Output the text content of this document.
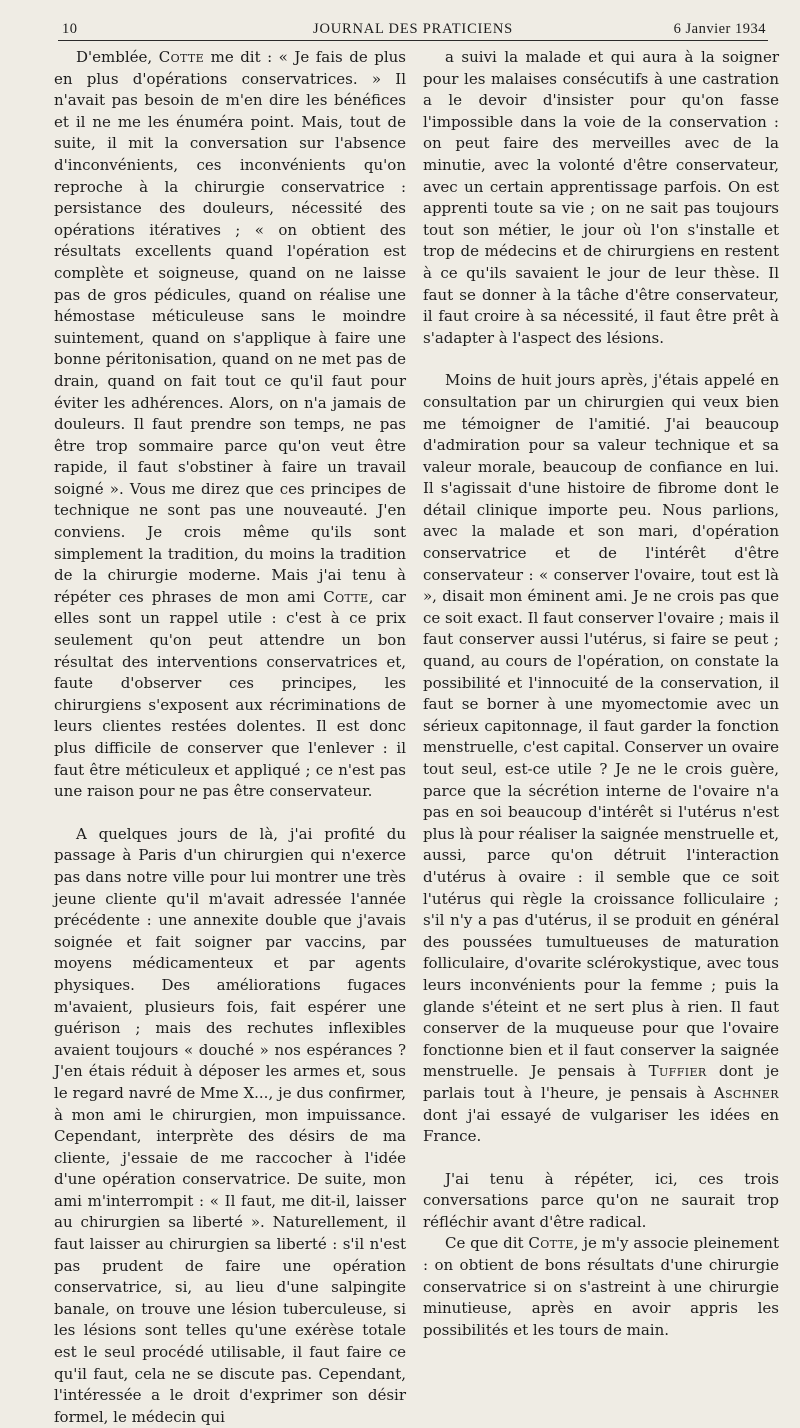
10	JOURNAL DES PRATICIENS	6 Janvier 1934

D'emblée, Cotte me dit : « Je fais de plus en plus d'opérations conservatrices. » Il n'avait pas besoin de m'en dire les bénéfices et il ne me les énuméra point. Mais, tout de suite, il mit la conversation sur l'absence d'inconvénients, ces inconvénients qu'on reproche à la chirurgie conservatrice : persistance des douleurs, nécessité des opérations itératives ; « on obtient des résultats excellents quand l'opération est complète et soigneuse, quand on ne laisse pas de gros pédicules, quand on réalise une hémostase méticuleuse sans le moindre suintement, quand on s'applique à faire une bonne péritonisation, quand on ne met pas de drain, quand on fait tout ce qu'il faut pour éviter les adhérences. Alors, on n'a jamais de douleurs. Il faut prendre son temps, ne pas être trop sommaire parce qu'on veut être rapide, il faut s'obstiner à faire un travail soigné ». Vous me direz que ces principes de technique ne sont pas une nouveauté. J'en conviens. Je crois même qu'ils sont simplement la tradition, du moins la tradition de la chirurgie moderne. Mais j'ai tenu à répéter ces phrases de mon ami Cotte, car elles sont un rappel utile : c'est à ce prix seulement qu'on peut attendre un bon résultat des interventions conservatrices et, faute d'observer ces principes, les chirurgiens s'exposent aux récriminations de leurs clientes restées dolentes. Il est donc plus difficile de conserver que l'enlever : il faut être méticuleux et appliqué ; ce n'est pas une raison pour ne pas être conservateur.

A quelques jours de là, j'ai profité du passage à Paris d'un chirurgien qui n'exerce pas dans notre ville pour lui montrer une très jeune cliente qu'il m'avait adressée l'année précédente : une annexite double que j'avais soignée et fait soigner par vaccins, par moyens médicamenteux et par agents physiques. Des améliorations fugaces m'avaient, plusieurs fois, fait espérer une guérison ; mais des rechutes inflexibles avaient toujours « douché » nos espérances ? J'en étais réduit à déposer les armes et, sous le regard navré de Mme X..., je dus confirmer, à mon ami le chirurgien, mon impuissance. Cependant, interprète des désirs de ma cliente, j'essaie de me raccocher à l'idée d'une opération conservatrice. De suite, mon ami m'interrompit : « Il faut, me dit-il, laisser au chirurgien sa liberté ». Naturellement, il faut laisser au chirurgien sa liberté : s'il n'est pas prudent de faire une opération conservatrice, si, au lieu d'une salpingite banale, on trouve une lésion tuberculeuse, si les lésions sont telles qu'une exérèse totale est le seul procédé utilisable, il faut faire ce qu'il faut, cela ne se discute pas. Cependant, l'intéressée a le droit d'exprimer son désir formel, le médecin qui

a suivi la malade et qui aura à la soigner pour les malaises consécutifs à une castration a le devoir d'insister pour qu'on fasse l'impossible dans la voie de la conservation : on peut faire des merveilles avec de la minutie, avec la volonté d'être conservateur, avec un certain apprentissage parfois. On est apprenti toute sa vie ; on ne sait pas toujours tout son métier, le jour où l'on s'installe et trop de médecins et de chirurgiens en restent à ce qu'ils savaient le jour de leur thèse. Il faut se donner à la tâche d'être conservateur, il faut croire à sa nécessité, il faut être prêt à s'adapter à l'aspect des lésions.

Moins de huit jours après, j'étais appelé en consultation par un chirurgien qui veux bien me témoigner de l'amitié. J'ai beaucoup d'admiration pour sa valeur technique et sa valeur morale, beaucoup de confiance en lui. Il s'agissait d'une histoire de fibrome dont le détail clinique importe peu. Nous parlions, avec la malade et son mari, d'opération conservatrice et de l'intérêt d'être conservateur : « conserver l'ovaire, tout est là », disait mon éminent ami. Je ne crois pas que ce soit exact. Il faut conserver l'ovaire ; mais il faut conserver aussi l'utérus, si faire se peut ; quand, au cours de l'opération, on constate la possibilité et l'innocuité de la conservation, il faut se borner à une myomectomie avec un sérieux capitonnage, il faut garder la fonction menstruelle, c'est capital. Conserver un ovaire tout seul, est-ce utile ? Je ne le crois guère, parce que la sécrétion interne de l'ovaire n'a pas en soi beaucoup d'intérêt si l'utérus n'est plus là pour réaliser la saignée menstruelle et, aussi, parce qu'on détruit l'interaction d'utérus à ovaire : il semble que ce soit l'utérus qui règle la croissance folliculaire ; s'il n'y a pas d'utérus, il se produit en général des poussées tumultueuses de maturation folliculaire, d'ovarite sclérokystique, avec tous leurs inconvénients pour la femme ; puis la glande s'éteint et ne sert plus à rien. Il faut conserver de la muqueuse pour que l'ovaire fonctionne bien et il faut conserver la saignée menstruelle. Je pensais à Tuffier dont je parlais tout à l'heure, je pensais à Aschner dont j'ai essayé de vulgariser les idées en France.

J'ai tenu à répéter, ici, ces trois conversations parce qu'on ne saurait trop réfléchir avant d'être radical.

Ce que dit Cotte, je m'y associe pleinement : on obtient de bons résultats d'une chirurgie conservatrice si on s'astreint à une chirurgie minutieuse, après en avoir appris les possibilités et les tours de main.
